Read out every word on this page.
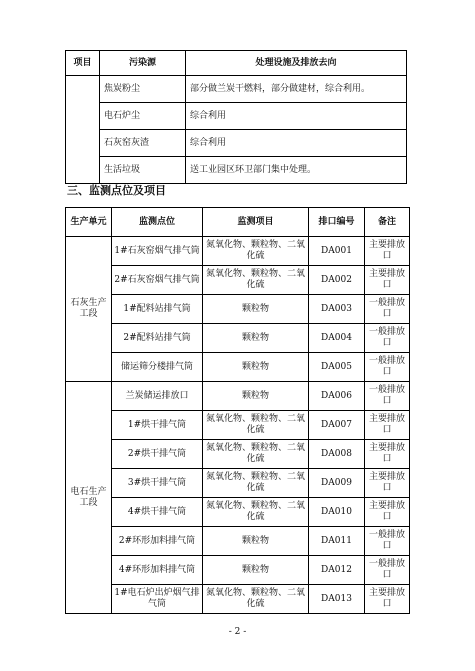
项目	污染源	处理设施及排放去向
	焦炭粉尘	部分做兰炭干燃料，部分做建材，综合利用。
	电石炉尘	综合利用
	石灰窑灰渣	综合利用
	生活垃圾	送工业园区环卫部门集中处理。
三、监测点位及项目
生产单元	监测点位	监测项目	排口编号	备注
石灰生产工段	1#石灰窑烟气排气筒	氮氧化物、颗粒物、二氧化硫	DA001	主要排放口
	2#石灰窑烟气排气筒	氮氧化物、颗粒物、二氧化硫	DA002	主要排放口
	1#配料站排气筒	颗粒物	DA003	一般排放口
	2#配料站排气筒	颗粒物	DA004	一般排放口
	储运筛分楼排气筒	颗粒物	DA005	一般排放口
电石生产工段	兰炭储运排放口	颗粒物	DA006	一般排放口
	1#烘干排气筒	氮氧化物、颗粒物、二氧化硫	DA007	主要排放口
	2#烘干排气筒	氮氧化物、颗粒物、二氧化硫	DA008	主要排放口
	3#烘干排气筒	氮氧化物、颗粒物、二氧化硫	DA009	主要排放口
	4#烘干排气筒	氮氧化物、颗粒物、二氧化硫	DA010	主要排放口
	2#环形加料排气筒	颗粒物	DA011	一般排放口
	4#环形加料排气筒	颗粒物	DA012	一般排放口
	1#电石炉出炉烟气排气筒	氮氧化物、颗粒物、二氧化硫	DA013	主要排放口
- 2 -
